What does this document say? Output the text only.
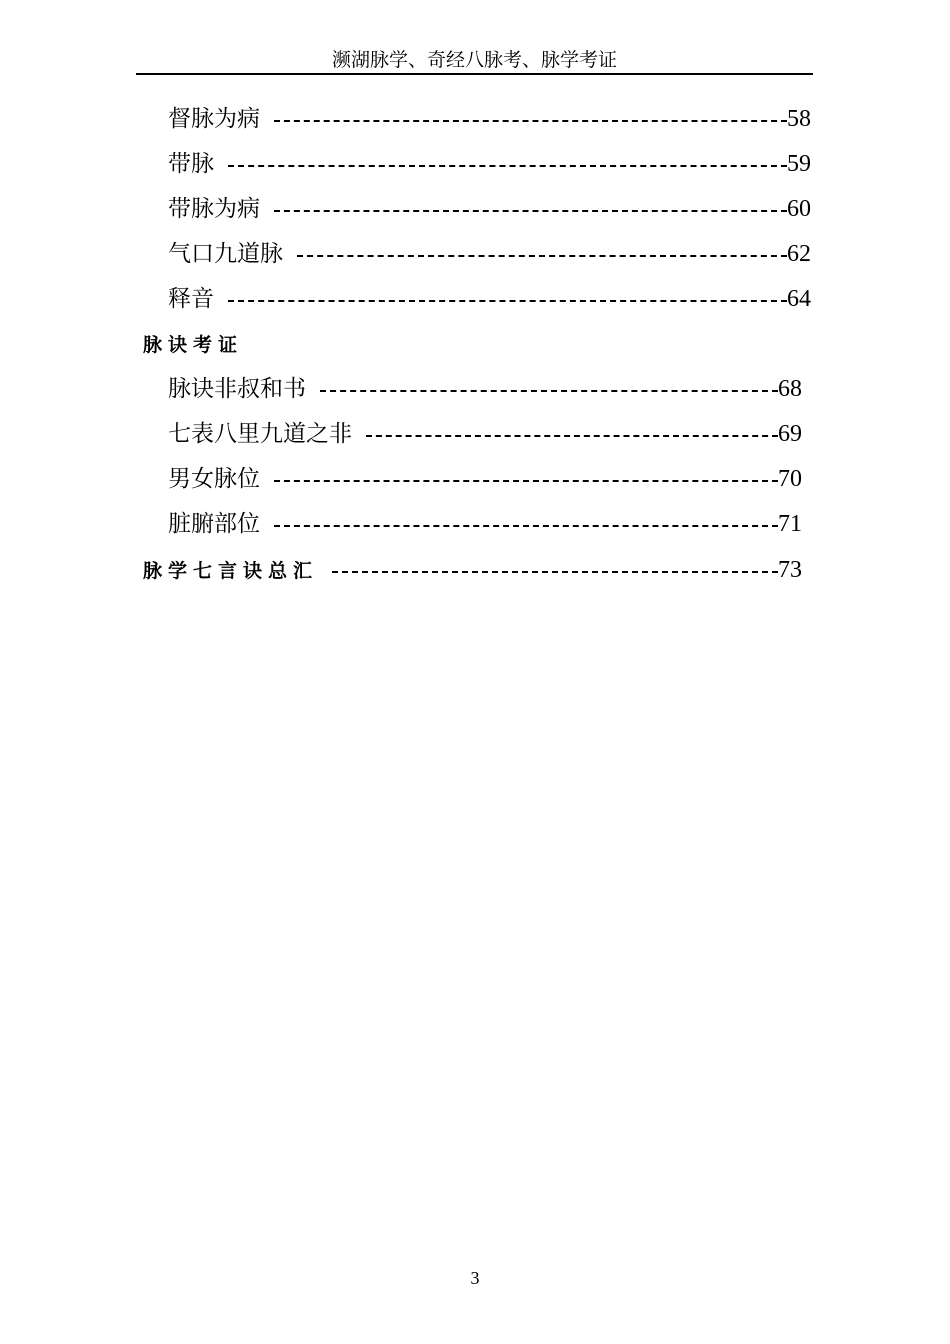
濒湖脉学、奇经八脉考、脉学考证
督脉为病	58
带脉	59
带脉为病	60
气口九道脉	62
释音	64
脉诀考证
脉诀非叔和书	68
七表八里九道之非	69
男女脉位	70
脏腑部位	71
脉学七言诀总汇	73
3
